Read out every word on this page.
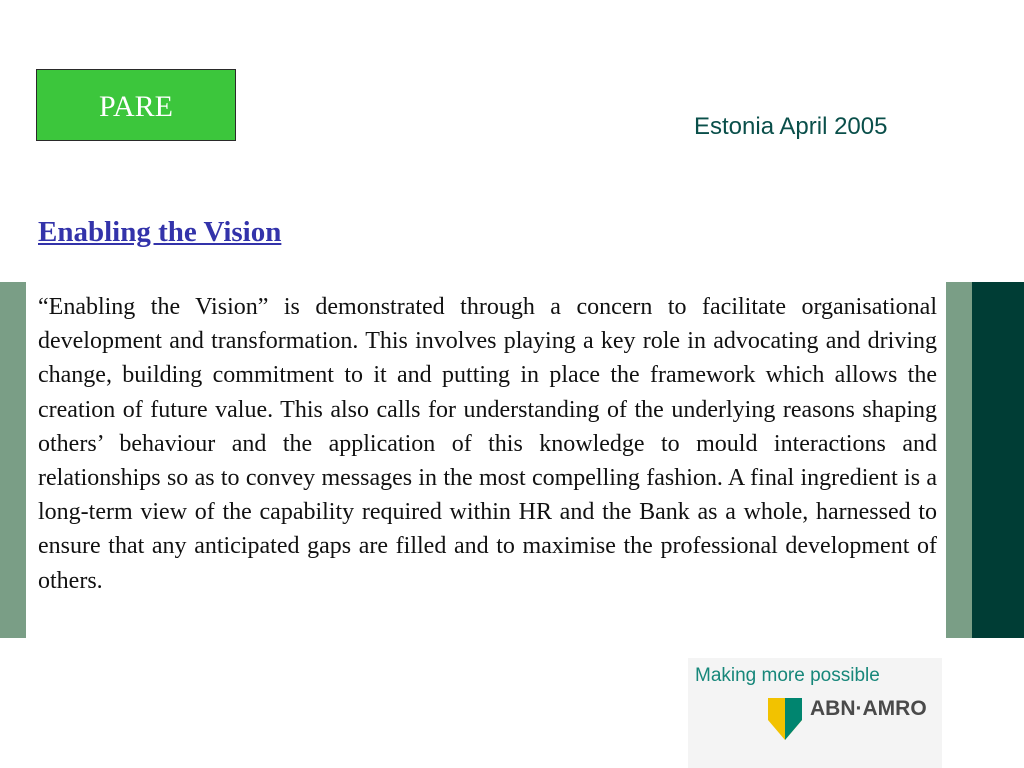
PARE
Estonia April 2005
Enabling the Vision

“Enabling the Vision” is demonstrated through a concern to facilitate organisational development and transformation. This involves playing a key role in advocating and driving change, building commitment to it and putting in place the framework which allows the creation of future value. This also calls for understanding of the underlying reasons shaping others’ behaviour and the application of this knowledge to mould interactions and relationships so as to convey messages in the most compelling fashion. A final ingredient is a long-term view of the capability required within HR and the Bank as a whole, harnessed to ensure that any anticipated gaps are filled and to maximise the professional development of others.

Making more possible
ABN·AMRO
